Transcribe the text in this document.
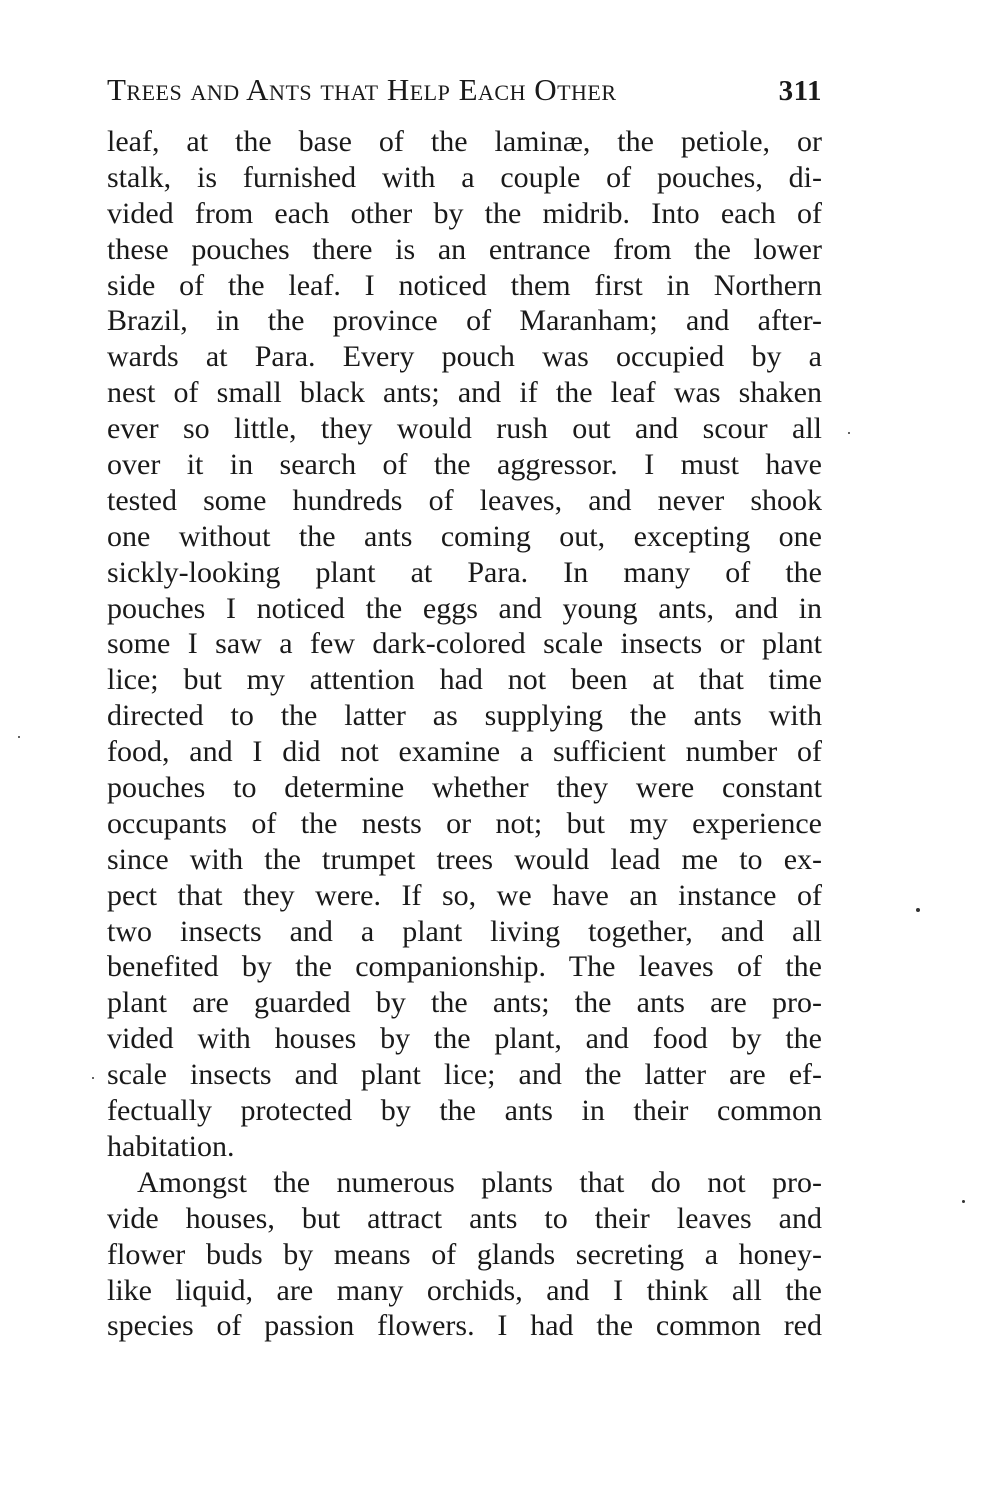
Trees and Ants that Help Each Other	311
leaf, at the base of the laminæ, the petiole, or
stalk, is furnished with a couple of pouches, di-
vided from each other by the midrib. Into each of
these pouches there is an entrance from the lower
side of the leaf. I noticed them first in Northern
Brazil, in the province of Maranham; and after-
wards at Para. Every pouch was occupied by a
nest of small black ants; and if the leaf was shaken
ever so little, they would rush out and scour all
over it in search of the aggressor. I must have
tested some hundreds of leaves, and never shook
one without the ants coming out, excepting one
sickly-looking plant at Para. In many of the
pouches I noticed the eggs and young ants, and in
some I saw a few dark-colored scale insects or plant
lice; but my attention had not been at that time
directed to the latter as supplying the ants with
food, and I did not examine a sufficient number of
pouches to determine whether they were constant
occupants of the nests or not; but my experience
since with the trumpet trees would lead me to ex-
pect that they were. If so, we have an instance of
two insects and a plant living together, and all
benefited by the companionship. The leaves of the
plant are guarded by the ants; the ants are pro-
vided with houses by the plant, and food by the
scale insects and plant lice; and the latter are ef-
fectually protected by the ants in their common
habitation.
Amongst the numerous plants that do not pro-
vide houses, but attract ants to their leaves and
flower buds by means of glands secreting a honey-
like liquid, are many orchids, and I think all the
species of passion flowers. I had the common red
